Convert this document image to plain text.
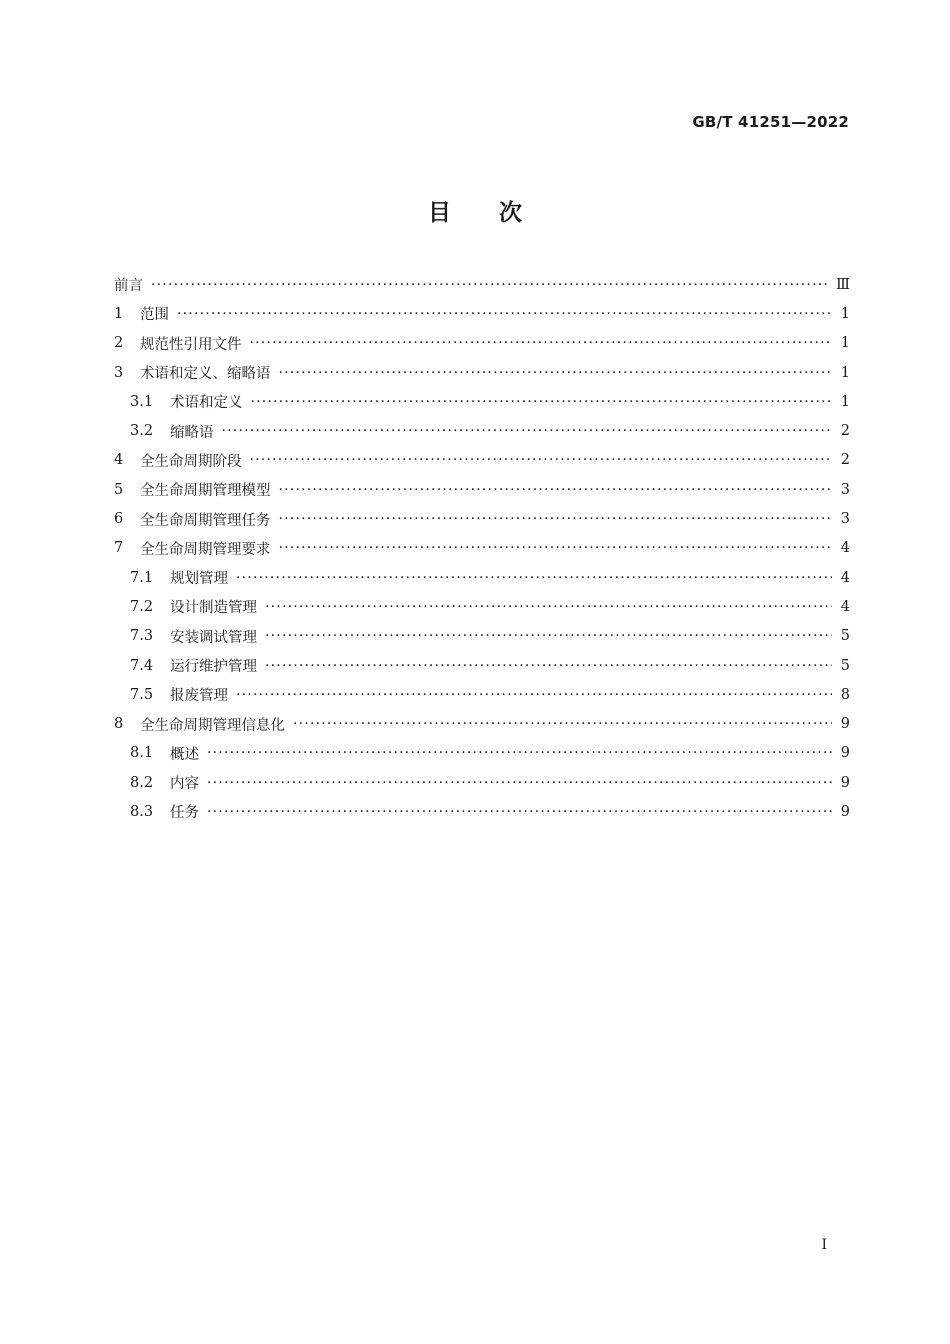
GB/T 41251—2022
目次
前言 ·····	Ⅲ
1	范围 ·····	1
2	规范性引用文件 ·····	1
3	术语和定义、缩略语 ·····	1
3.1	术语和定义 ·····	1
3.2	缩略语 ·····	2
4	全生命周期阶段 ·····	2
5	全生命周期管理模型 ·····	3
6	全生命周期管理任务 ·····	3
7	全生命周期管理要求 ·····	4
7.1	规划管理 ·····	4
7.2	设计制造管理 ·····	4
7.3	安装调试管理 ·····	5
7.4	运行维护管理 ·····	5
7.5	报废管理 ·····	8
8	全生命周期管理信息化 ·····	9
8.1	概述 ·····	9
8.2	内容 ·····	9
8.3	任务 ·····	9
I
